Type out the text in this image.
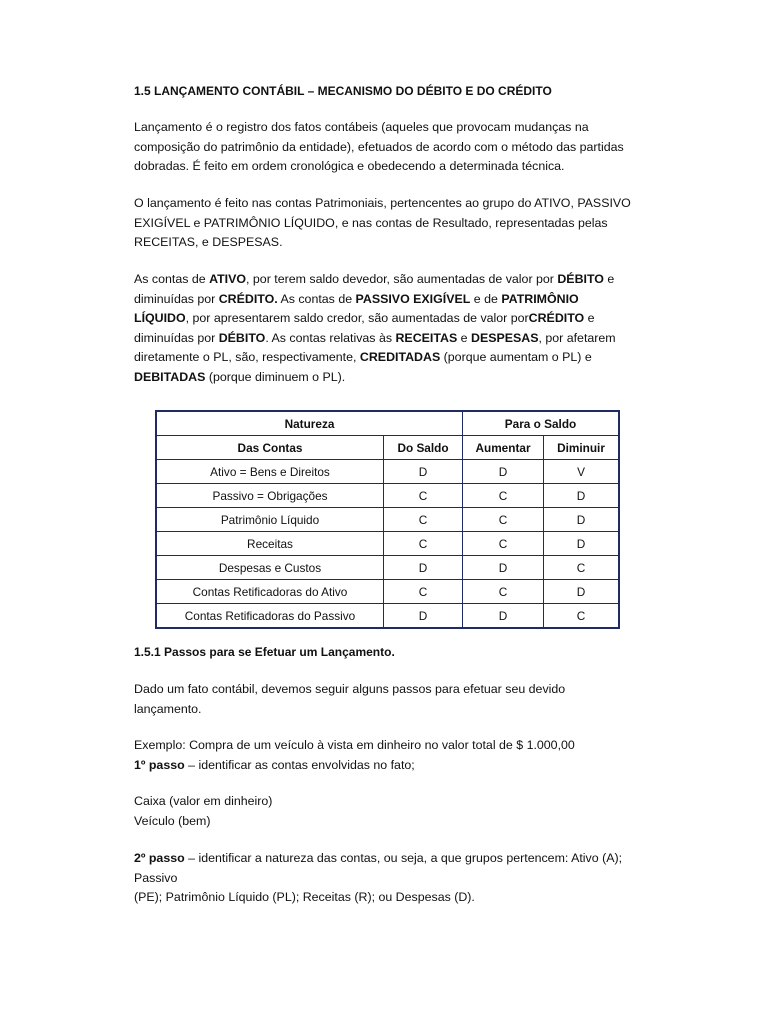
1.5 LANÇAMENTO CONTÁBIL – MECANISMO DO DÉBITO E DO CRÉDITO

Lançamento é o registro dos fatos contábeis (aqueles que provocam mudanças na composição do patrimônio da entidade), efetuados de acordo com o método das partidas dobradas. É feito em ordem cronológica e obedecendo a determinada técnica.

O lançamento é feito nas contas Patrimoniais, pertencentes ao grupo do ATIVO, PASSIVO EXIGÍVEL e PATRIMÔNIO LÍQUIDO, e nas contas de Resultado, representadas pelas RECEITAS, e DESPESAS.

As contas de ATIVO, por terem saldo devedor, são aumentadas de valor por DÉBITO e diminuídas por CRÉDITO. As contas de PASSIVO EXIGÍVEL e de PATRIMÔNIO LÍQUIDO, por apresentarem saldo credor, são aumentadas de valor porCRÉDITO e diminuídas por DÉBITO. As contas relativas às RECEITAS e DESPESAS, por afetarem diretamente o PL, são, respectivamente, CREDITADAS (porque aumentam o PL) e DEBITADAS (porque diminuem o PL).

Natureza		Para o Saldo	
Das Contas	Do Saldo	Aumentar	Diminuir
Ativo = Bens e Direitos	D	D	V
Passivo = Obrigações	C	C	D
Patrimônio Líquido	C	C	D
Receitas	C	C	D
Despesas e Custos	D	D	C
Contas Retificadoras do Ativo	C	C	D
Contas Retificadoras do Passivo	D	D	C
1.5.1 Passos para se Efetuar um Lançamento.

Dado um fato contábil, devemos seguir alguns passos para efetuar seu devido lançamento.

Exemplo: Compra de um veículo à vista em dinheiro no valor total de $ 1.000,00

1º passo – identificar as contas envolvidas no fato;

Caixa (valor em dinheiro)

Veículo (bem)

2º passo – identificar a natureza das contas, ou seja, a que grupos pertencem: Ativo (A); Passivo

(PE); Patrimônio Líquido (PL); Receitas (R); ou Despesas (D).
